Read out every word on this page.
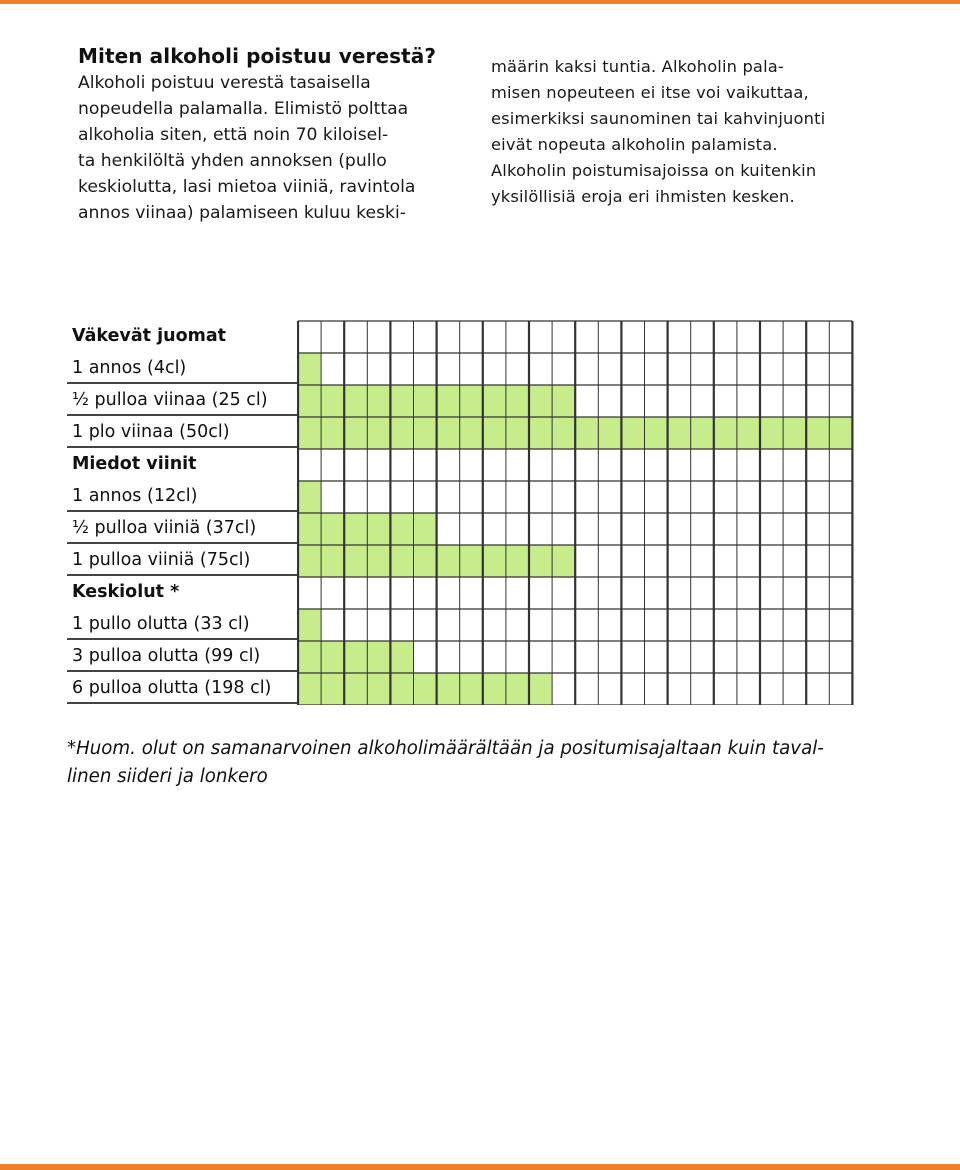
Miten alkoholi poistuu verestä?
Alkoholi poistuu verestä tasaisella
nopeudella palamalla. Elimistö polttaa
alkoholia siten, että noin 70 kiloisel-
ta henkilöltä yhden annoksen (pullo
keskiolutta, lasi mietoa viiniä, ravintola
annos viinaa) palamiseen kuluu keski-
määrin kaksi tuntia. Alkoholin pala-
misen nopeuteen ei itse voi vaikuttaa,
esimerkiksi saunominen tai kahvinjuonti
eivät nopeuta alkoholin palamista.
Alkoholin poistumisajoissa on kuitenkin
yksilöllisiä eroja eri ihmisten kesken.
Väkevät juomat
1 annos (4cl)
½ pulloa viinaa (25 cl)
1 plo viinaa (50cl)
Miedot viinit
1 annos (12cl)
½ pulloa viiniä (37cl)
1 pulloa viiniä (75cl)
Keskiolut *
1 pullo olutta (33 cl)
3 pulloa olutta (99 cl)
6 pulloa olutta (198 cl)
*Huom. olut on samanarvoinen alkoholimäärältään ja positumisajaltaan kuin taval-
linen siideri ja lonkero
